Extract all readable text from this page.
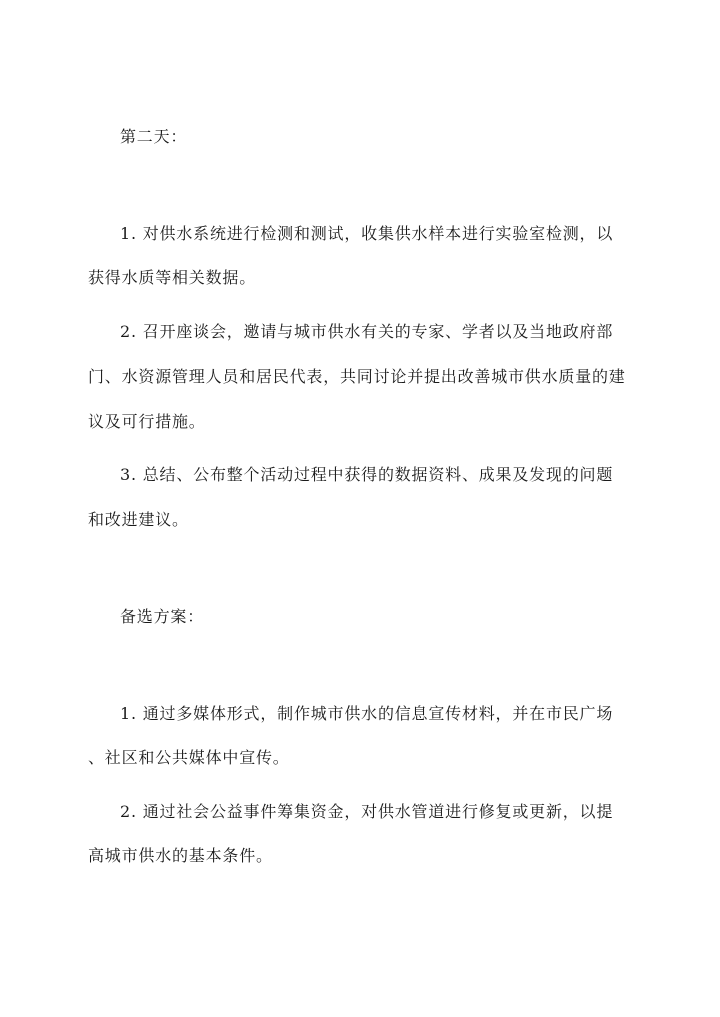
第二天：
1. 对供水系统进行检测和测试，收集供水样本进行实验室检测，以
获得水质等相关数据。
2. 召开座谈会，邀请与城市供水有关的专家、学者以及当地政府部
门、水资源管理人员和居民代表，共同讨论并提出改善城市供水质量的建
议及可行措施。
3. 总结、公布整个活动过程中获得的数据资料、成果及发现的问题
和改进建议。
备选方案：
1. 通过多媒体形式，制作城市供水的信息宣传材料，并在市民广场
、社区和公共媒体中宣传。
2. 通过社会公益事件筹集资金，对供水管道进行修复或更新，以提
高城市供水的基本条件。
